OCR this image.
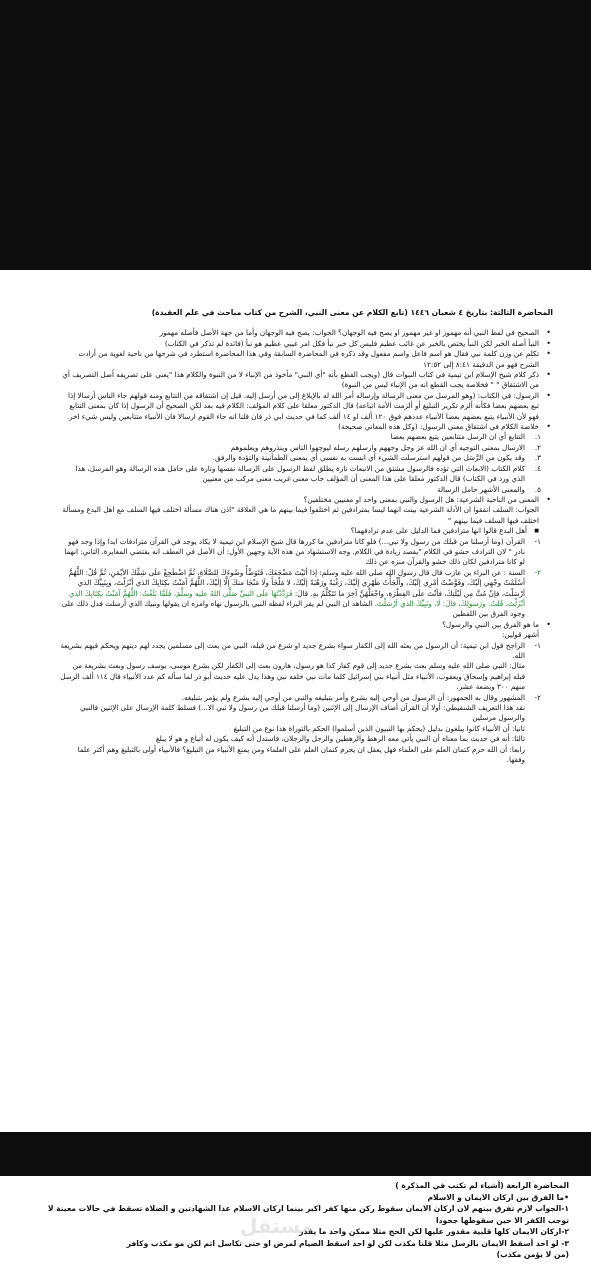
المحاضرة الثالثة: بتاريخ ٤ شعبان ١٤٤٦ (تابع الكلام عن معنى النبي، الشرح من كتاب مباحث في علم العقيدة)

• الصحيح في لفظ النبي أنه مهموز او غير مهموز او يصح فيه الوجهان؟ الجواب: يصح فيه الوجهان وأما من جهة الأصل فأصله مهموز

• النبأ أصله الخبر لكن النبأ يختص بالخبر عن غائب عظيم فليس كل خبر نبأ فكل امر غيبي عظيم هو نبأ (فائدة لم تذكر في الكتاب)

• تكلم عن وزن كلمة نبي فقال هو اسم فاعل واسم مفعول وقد ذكره في المحاضرة السابقة وفي هذا المحاضرة استطرد في شرحها من ناحية لغوية من أرادت الشرح فهو من الدقيقة ٨:٤١ إلى ١٢:٥٢

• ذكر كلام شيخ الإسلام ابن تيمية في كتاب النبوات قال (ويجب القطع بأنه "أي النبي" مأخوذ من الإنباء لا من النبوة والكلام هذا "يعني على تصريفه أصل التصريف أي من الاشتقاق " " فخلاصه يجب القطع انه من الإنباء ليس من النبوة)

• الرسول: في الكتاب: (وهو المرسل من معنى الرسالة وإرساله أمر الله له بالإبلاغ إلى من أرسل إليه. قيل إن اشتقاقه من التتابع ومنه قولهم جاء الناس أرسالا إذا تبع بعضهم بعضا فكأنه ألزم تكرير التبليغ أو ألزمت الأمة اتباعه) قال الدكتور معلقا على كلام المؤلف: الكلام فيه بعد لكن الصحيح أن الرسول إذا كان بمعنى التتابع فهو لأن الأنبياء يتبع بعضهم بعضا الأنبياء عددهم فوق ١٢٠ ألف او ١٤ ألف كما في حديث ابي ذر فان قلنا انه جاء القوم ارسالا فان الأنبياء متتابعين وليس شيء اخر.

• خلاصة الكلام في اشتقاق معنى الرسول: (وكل هذه المعاني صحيحة)

١.
التتابع أي ان الرسل متتابعين يتبع بعضهم بعضا

٢.
الارسال بمعنى التوجيه أي ان الله عز وجل وجههم وارسلهم رسله ليوجهوا الناس وينذروهم ويعلموهم

٣.
وقد يكون من الرَّسَل من قولهم استرسلت الشيء أي انست به نفسي أي بمعنى الطمأنينة والتؤدة والرفق.

٤.
كلام الكتاب (الابعاث التي تؤده فالرسول مشتق من الانبعاث تارة يطلق لفظ الرسول على الرسالة نفسها وتارة على حامل هذه الرسالة وهو المرسل، هذا الذي ورد في الكتاب) قال الدكتور معلقا على هذا المعنى أن المؤلف جاب معنى غريب معنى مركب من معنيين

٥.
والمعنى الأشهر حامل الرسالة

• المعنى من الناحية الشرعية: هل الرسول والنبي بمعنى واحد او معنيين مختلفين؟

الجواب: السلف اتفقوا ان الأدلة الشرعية بينت انهما ليسا بمترادفين ثم اختلفوا فيما بينهم ما هي العلاقة "اذن هناك مسألة اختلف فيها السلف مع اهل البدع ومسألة اختلف فيها السلف فيما بينهم "

■ أهل البدع قالوا انها مترادفين فما الدليل على عدم ترادفهما؟

١-
القرآن (وما أرسلنا من قبلك من رسول ولا نبي...) فلو كانا مترادفين ما كررها قال شيخ الإسلام ابن تيمية لا يكاد يوجد في القرآن مترادفات ابدا وإذا وجد فهو نادر " لان الترادف حشو في الكلام "يقصد زيادة في الكلام. وجه الاستشهاد من هذه الآية وجهين الأول: أن الأصل في العطف انه يقتضي المغايرة. الثاني: انهما لو كانا مترادفين لكان ذلك حشو والقرآن منزه عن ذلك

٢-
السنة : عن البراء بن عازب قال قال رسول الله صلى الله عليه وسلم: إذا أتَيْتَ مَضْجَعَكَ، فَتَوَضَّأْ وضُوءَكَ لِلصَّلَاةِ، ثُمَّ اضْطَجِعْ علَى شِقِّكَ الأيْمَنِ، ثُمَّ قُلْ: اللَّهُمَّ أسْلَمْتُ وجْهِي إلَيْكَ، وفَوَّضْتُ أمْرِي إلَيْكَ، وأَلْجَأْتُ ظَهْرِي إلَيْكَ، رَغْبَةً ورَهْبَةً إلَيْكَ، لا مَلْجَأَ ولَا مَنْجَا منكَ إلَّا إلَيْكَ، اللَّهُمَّ آمَنْتُ بكِتَابِكَ الذي أنْزَلْتَ، وبِنَبِيِّكَ الذي أرْسَلْتَ، فإنْ مُتَّ مِن لَيْلَتِكَ، فأنْتَ علَى الفِطْرَةِ، واجْعَلْهُنَّ آخِرَ ما تَتَكَلَّمُ بهِ. قالَ: فَرَدَّدْتُهَا علَى النبيِّ صَلَّى اللهُ عليه وسلَّمَ، فَلَمَّا بَلَغْتُ: اللَّهُمَّ آمَنْتُ بكِتَابِكَ الذي أنْزَلْتَ، قُلتُ: ورَسولِكَ، قالَ: لَا، ونَبِيِّكَ الذي أرْسَلْتَ. الشاهد ان النبي لم يقر البراء لفظه النبي بالرسول نهاه وامره ان يقولها ونبيك الذي أرسلت فدل ذلك على وجود الفرق بين اللفظين

• ما هو الفرق بين النبي والرسول؟

أشهر قولين:

١-
الراجح قول ابن تيمية: أن الرسول من بعثه الله إلى الكفار سواء بشرع جديد او شرع من قبله، النبي من بعث إلى مسلمين يجدد لهم دينهم ويحكم فيهم بشريعة الله.

مثال: النبي صلى الله عليه وسلم بعث بشرع جديد إلى قوم كفار كذا هو رسول، هارون بعث إلى الكفار لكن بشرع موسى، يوسف رسول وبعث بشريعة من قبله إبراهيم وإسحاق ويعقوب، الأنبياء مثل أنبياء بني إسرائيل كلما مات نبي خلفه نبي وهذا يدل عليه حديث أبو ذر لما سأله كم عدد الأنبياء قال ١١٤ ألف الرسل منهم ٣٠٠ وبضعة عشر.

٢-
المشهور وقال به الجمهور: أن الرسول من أوحي إليه بشرع وأمر بتبليغه والنبي من أوحي إليه بشرع ولم يؤمر بتبليغه.

نقد هذا التعريف الشنقيطي: أولا أن القرآن أضاف الإرسال إلى الإثنين (وما أرسلنا قبلك من رسول ولا نبي الا...) فسلط كلمة الإرسال على الإثنين فالنبي والرسول مرسلين

ثانيا: أن الأنبياء كانوا يبلغون بدليل (يحكم بها النبيون الذين أسلموا) الحكم بالتوراة هذا نوع من التبليغ

ثالثا: أنه في حديث بما معناه أن النبي يأتي معه الرهط والرهطين والرجل والرجلان، فاستدل أنه كيف يكون له أتباع و هو لا يبلغ

رابعا: أن الله حرم كتمان العلم على العلماء فهل يعقل ان يحرم كتمان العلم على العلماء ومن يمنع الأنبياء من التبليغ؟ فالأنبياء أولى بالتبليغ وهم أكثر علما وفقها.

المحاضرة الرابعة (أشياء لم تكتب في المذكرة )

•ما الفرق بين اركان الايمان و الاسلام

١-الجواب لازم تفرق بينهم لان اركان الايمان سقوط ركن منها كفر اكبر بينما اركان الاسلام عدا الشهادتين و الصلاة تسقط في حالات معينة لا توجب الكفر الا حين سقوطها جحودا

٢-اركان الايمان كلها قلبية مقدور عليها لكن الحج مثلا ممكن واحد ما يقدر

٣- لو احد أسقط الايمان بالرسل مثلا قلنا مكذب لكن لو احد اسقط الصيام لمرض او حتى تكاسل اثم لكن مو مكذب وكافر

(من لا يؤمن مكذب)

مستقل
